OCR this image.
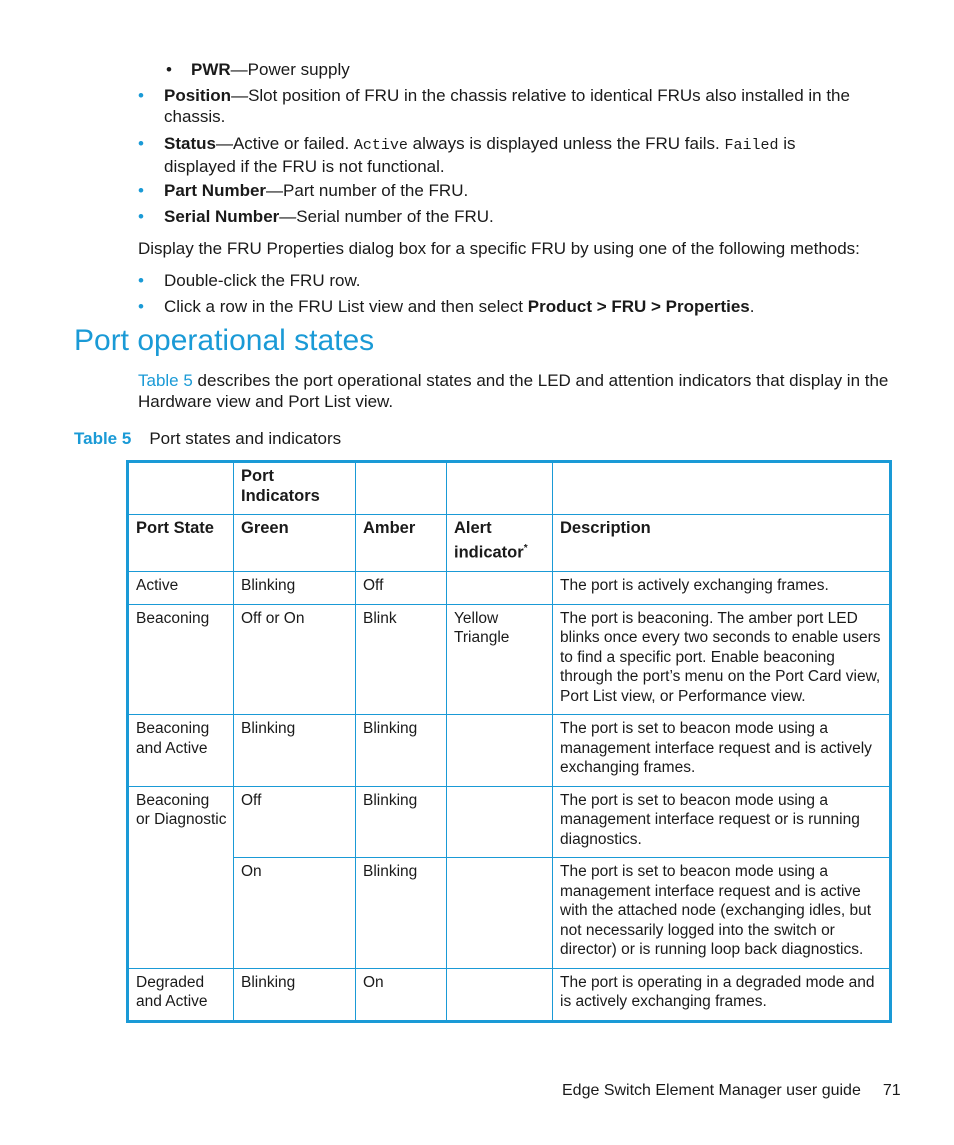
• PWR—Power supply
• Position—Slot position of FRU in the chassis relative to identical FRUs also installed in the chassis.
• Status—Active or failed. Active always is displayed unless the FRU fails. Failed is displayed if the FRU is not functional.
• Part Number—Part number of the FRU.
• Serial Number—Serial number of the FRU.
Display the FRU Properties dialog box for a specific FRU by using one of the following methods:
• Double-click the FRU row.
• Click a row in the FRU List view and then select Product > FRU > Properties.
Port operational states
Table 5 describes the port operational states and the LED and attention indicators that display in the Hardware view and Port List view.
Table 5 Port states and indicators
	Port Indicators			
Port State	Green	Amber	Alert indicator*	Description
Active	Blinking	Off		The port is actively exchanging frames.
Beaconing	Off or On	Blink	Yellow Triangle	The port is beaconing. The amber port LED blinks once every two seconds to enable users to find a specific port. Enable beaconing through the port’s menu on the Port Card view, Port List view, or Performance view.
Beaconing and Active	Blinking	Blinking		The port is set to beacon mode using a management interface request and is actively exchanging frames.
Beaconing or Diagnostic	Off	Blinking		The port is set to beacon mode using a management interface request or is running diagnostics.
	On	Blinking		The port is set to beacon mode using a management interface request and is active with the attached node (exchanging idles, but not necessarily logged into the switch or director) or is running loop back diagnostics.
Degraded and Active	Blinking	On		The port is operating in a degraded mode and is actively exchanging frames.
Edge Switch Element Manager user guide 71
